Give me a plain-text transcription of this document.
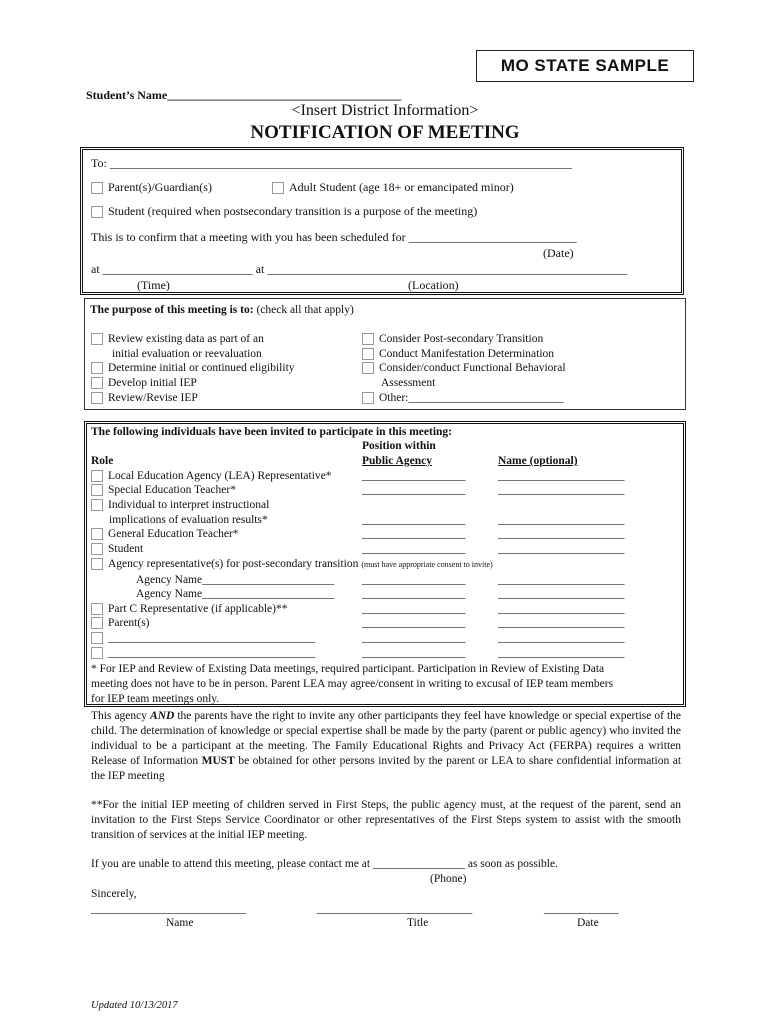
MO STATE SAMPLE
Student’s Name_______________________________________
<Insert District Information>
NOTIFICATION OF MEETING
To: _____________________________________________________________________________
Parent(s)/Guardian(s)	Adult Student (age 18+ or emancipated minor)
Student (required when postsecondary transition is a purpose of the meeting)
This is to confirm that a meeting with you has been scheduled for ____________________________
(Date)
at _________________________ at ____________________________________________________________
(Time)	(Location)
The purpose of this meeting is to: (check all that apply)
Review existing data as part of an
initial evaluation or reevaluation
Determine initial or continued eligibility
Develop initial IEP
Review/Revise IEP
Consider Post-secondary Transition
Conduct Manifestation Determination
Consider/conduct Functional Behavioral
Assessment
Other:___________________________
The following individuals have been invited to participate in this meeting:
Position within
Role	Public Agency	Name (optional)
Local Education Agency (LEA) Representative*	__________________	______________________
Special Education Teacher*	__________________	______________________
Individual to interpret instructional
implications of evaluation results*	__________________	______________________
General Education Teacher*	__________________	______________________
Student	__________________	______________________
Agency representative(s) for post-secondary transition (must have appropriate consent to invite)
Agency Name_______________________ __________________	______________________
Agency Name_______________________ __________________	______________________
Part C Representative (if applicable)**	__________________	______________________
Parent(s)	__________________	______________________
____________________________________	__________________	______________________
____________________________________	__________________	______________________
* For IEP and Review of Existing Data meetings, required participant. Participation in Review of Existing Data
meeting does not have to be in person. Parent LEA may agree/consent in writing to excusal of IEP team members
for IEP team meetings only.
This agency AND the parents have the right to invite any other participants they feel have knowledge or special expertise of the child. The determination of knowledge or special expertise shall be made by the party (parent or public agency) who invited the individual to be a participant at the meeting. The Family Educational Rights and Privacy Act (FERPA) requires a written Release of Information MUST be obtained for other persons invited by the parent or LEA to share confidential information at the IEP meeting
**For the initial IEP meeting of children served in First Steps, the public agency must, at the request of the parent, send an invitation to the First Steps Service Coordinator or other representatives of the First Steps system to assist with the smooth transition of services at the initial IEP meeting.
If you are unable to attend this meeting, please contact me at ________________ as soon as possible.
(Phone)
Sincerely,
___________________________	___________________________	_____________
Name	Title	Date
Updated 10/13/2017
